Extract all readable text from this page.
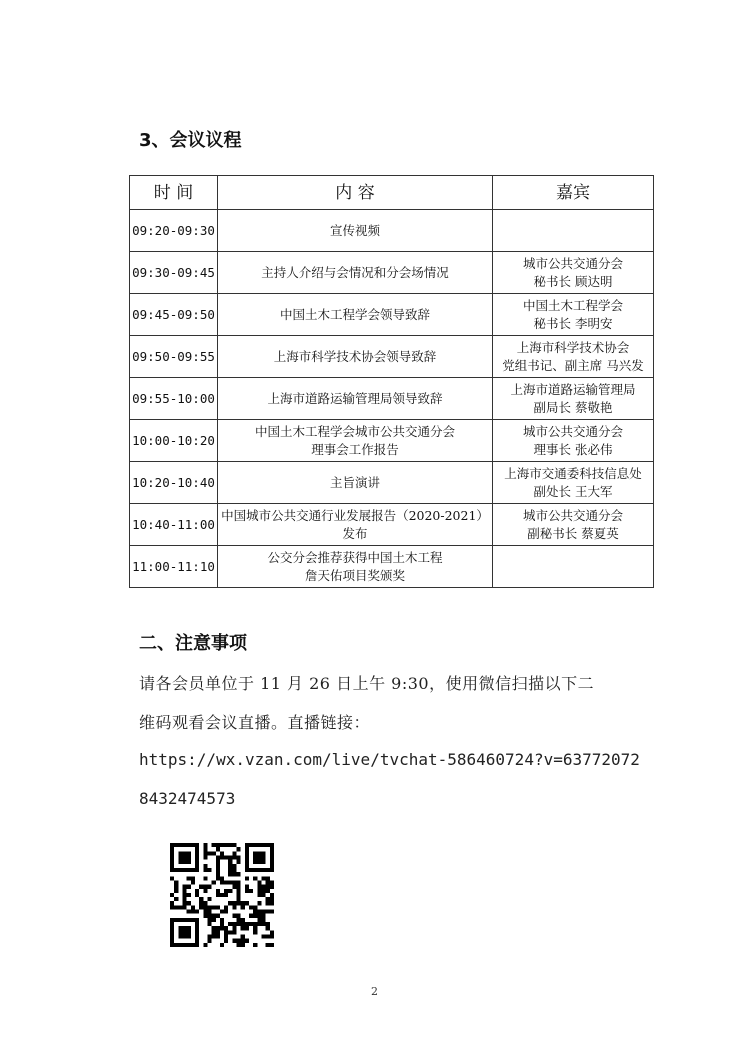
3、会议议程
时 间	内 容	嘉宾
09:20-09:30	宣传视频	

09:30-09:45	主持人介绍与会情况和分会场情况	城市公共交通分会
秘书长 顾达明

09:45-09:50	中国土木工程学会领导致辞	中国土木工程学会
秘书长 李明安

09:50-09:55	上海市科学技术协会领导致辞	上海市科学技术协会
党组书记、副主席 马兴发

09:55-10:00	上海市道路运输管理局领导致辞	上海市道路运输管理局
副局长 蔡敬艳

10:00-10:20	中国土木工程学会城市公共交通分会
理事会工作报告	城市公共交通分会
理事长 张必伟

10:20-10:40	主旨演讲	上海市交通委科技信息处
副处长 王大军

10:40-11:00	中国城市公共交通行业发展报告（2020-2021）
发布	城市公共交通分会
副秘书长 蔡夏英

11:00-11:10	公交分会推荐获得中国土木工程
詹天佑项目奖颁奖	

二、注意事项
请各会员单位于 11 月 26 日上午 9:30，使用微信扫描以下二
维码观看会议直播。直播链接：
https://wx.vzan.com/live/tvchat-586460724?v=63772072
8432474573
2
